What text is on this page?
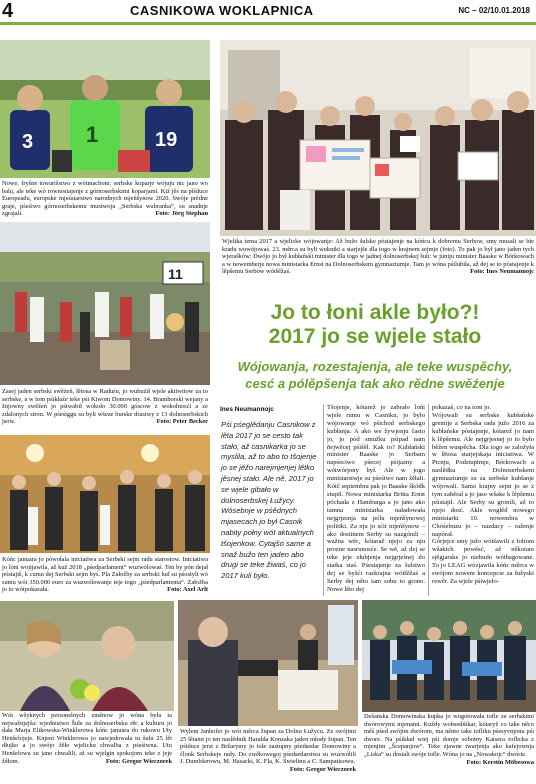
4	CASNIKOWA WOKLAPNICA	NC – 02/10.01.2018
3 1	19
Nowe, fryšne towarišstwo z wótmachom: serbske koparje wójuju nic jano wo balu, ale teke wó rownostajenje z górnoserbskimi koparjami. Kiź jěs na píšduce Europeadu, europske mjeśstarstwo narodnych mjeńšynow 2020. Swóje prědne graje, pśeśiwo górnoserbskemu mustwoju „Serbska wubranka“, su snadnje zgrajali.	Foto: Jörg Stephan
11
Zasej jaden serbski swěźeń, lětosa w Raduśu, jo wubuźił wjele aktiwitow za to serbske, a w tom pśikłaźe teke pśi Kiwom Domowiny. 14. Bramborski wejany a žnjowny swěźeń jo pśiwabił wokoło 30.000 góscow z wokolnosći a ze zdalonych stron. W pśeśiggu su byli wšeze burske drastwy z 13 dolnoserbskich jsow.	Foto: Peter Becker
Kóńc januara jo pówołala iniciatiwa za Serbski sejm radu starostow. Iniciatiwa jo lóni wojijawila, až kuž 2018 „pśedparlament“ wuzwólowaś. Ten by pón dejał póstajiš, k cumu dej Serbski sejm byś. Pla Załožby za serbski lud su pśostyli wó sumu wót 350.000 euro za wuzwólowanje teje togo „pśedparlamenta“. Załožba jo to wótpokazała.	Foto: Axel Arlt
Wót wšyknych personelnych změnow jo wóna była ta nejwažnjejša: wjednistwo Šule za dolnoserbsku rěc a kulturu jo dała Marja Elikowska-Winklerowa kóńc januara do rukowu Uty Henšelojeje. Knjeni Winklerowa jo nawjedowała tu šulu 25 lět dłujko a jo swójo žěło wjelicku chwalba z pśeśiwna. Utu Henšelowu su jano chwalili, až su wjelgin spokojom teke z jeje žěłom.	Foto: Gregor Wieczorek
Wjelika tema 2017 a wjelicke wójowanje: Až bužo šulske póstajenje na kóńcu k dobremu Serbow, smy musali se bie kradu wuwójowaś. 23. měrca su byli wukniki a starjejše dla togo w krajnem sejmje (foto). To pak jo był jano jaden tych wjerašków: Dwójo jo był kubłański minister dla togo w jadnej dolnoserbskej šuli: w juniju minister Baaske w Bórkowach a w nowemberje nowa ministarka Ernst na Dolnoserbskem gymnaziumje. Tam jo wóna pśilubiła, až dej se to póstajenje k lěpšemu Serbow wótšěžaś.	Foto: Ines Neumannojc
Jo to łoni akle było?!
2017 jo se wjele stało
Wójowanja, rozestajenja, ale teke wuspěchy,
cesć a pólěpšenja tak ako rědne swěźenje
Ines Neumannojc
Pśi pśeglědanju Casnikow z lěta 2017 jo se cesto tak stało, až casnikarka jo se myslila, až to abo to tšojenje jo se jěžo narejmjenjej lětko jěsnej stało. Ale ně, 2017 jo se wjele gibało w dolnoserbskej Łužycy. Wósebnje w pśědnych mjasecach jo był Casnik nabity połny wót aktualnych tšojenkow. Cytajšo same a snaž bužo ten jaden abo drugi se teke žiwaś, co jo 2017 kuli było.
Tšojenje, kótarež jo zabrało lońi wjele rumu w Casniku, jo było wójowanje wó pśichod serbskego kubłanja. A ako we žywjenju často jo, jo pód smužku pśipad nam ňejwěcej pśišěł. Kak to? Kubłański minister Baaske jo Serbam napśeciwo pśecej pśijazny a wótwórjony był. Ale w jogo ministarstwje su pśeśiwo nam žěłali. Kótč septembra pak jo Baaske škódk stupil. Nowa ministarka Britta Ernst póchada z Hamburga a jo jano ako tamna ministarka naładowała nejgrjesnja na pólu mjeńšynowej politiki. Za nju jo sćit mjeńšynow – ako dostinem Serby su nazgónili – wažna wěc, kótaraž njejo za nju prozne nasrunosće. Se wě, až dej se teke jeje złubjenja nejgrješnej do statka staś. Pśestajenje za šulstwo dej se byšći razkrajna wótšěžaś a Serby dej něto tam sobu to grono. Nowe lěto dej
pokazaś, co na tom jo.
Wójowali su serbske kubłańske gremije a Serbska rada južo 2016 za kubłańske póstajenje, kótarež jo nam k lěpšemu. Ale nejgrjesnej jo to było běžen wuspěcha. Dla togo se založyła w lětosa starjejskaja iniciatiwa. W Picnju, Podstupimje, Bórkowach a naslědku na Dolnoserbskem gymnaziumje su za serbske kubłanje wójowali. Samo krajny sejm jo se z tym zaběrał a jo jaso wšake k lěpšemu pśistajił. Ale Serby su gronili, až to njejo dosć. Akle wogłěd nowego ministarki 10. nowembra w Chóśebuzu jo – nazdacy – raženje napórał.
Górjejce smy južo wótšawili z foltom wšakich powěsć, až někotare sjěgjarske jo niebudo wótbagowane. To jo LEAG wózjawiła kóńc měrca w swójom nowem koncepcie za łužyski rewěr. Za wjele pśiwjeło-
Wylem Janhofer jo wót měrca župan za Dolnu Łužycu. Ze swójimi 25 lětami jo ten naslědnik Haralda Konzaka jaden młody župan. Ten pśiduce jerst z Bržarymy jo tole zastupny pśedsedar Domowiny a člonk Serbskeje rady. Do zwěkowegoj pśedsedarstwa su wuzwólili J. Dumbšerowu, M. Hasacki, K. Fla, K. Świelinu a C. Sampatisowu.
Foto: Gregor Wieczorek
Dešańska Domowinska kupka jo wugotowała tofle ze serbskimi dwórowymi mjenami. Kuždy wobsedńikar, kótaryž co take něco měś pśed swójim dwórom, ma něnto take tofliku pśesyvnjonu pśi dwore. Na pśikład wiej pśi domje sobotny Kaisera toflicka z mjenjim „Šcepanjow“. Teke zjawne twarjenja ako kafejownja „Liska“ su dostali swóje tofle. Wóna jo na „Nowakojc“ dwórie.
Foto: Kerstin Möbesowa
